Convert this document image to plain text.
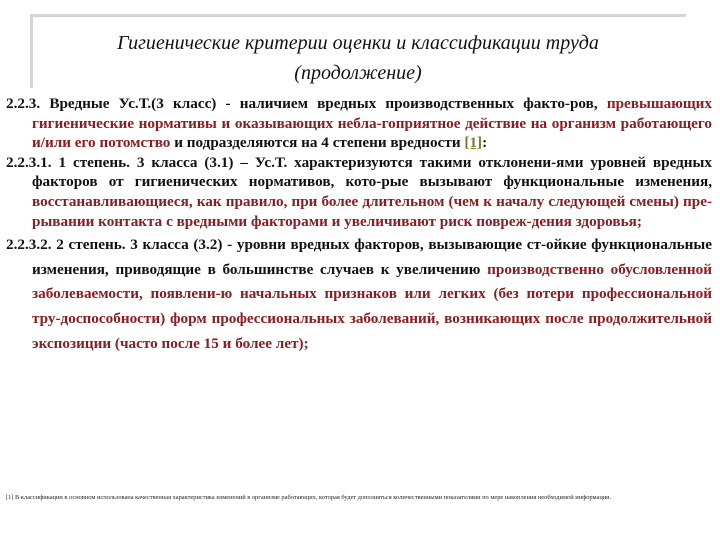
Гигиенические критерии оценки и классификации труда
(продолжение)
2.2.3. Вредные Ус.Т.(3 класс) - наличием вредных производственных факто-ров, превышающих гигиенические нормативы и оказывающих небла-гоприятное действие на организм работающего и/или его потомство и подразделяются на 4 степени вредности [1]:
2.2.3.1. 1 степень. 3 класса (3.1) – Ус.Т. характеризуются такими отклонени-ями уровней вредных факторов от гигиенических нормативов, кото-рые вызывают функциональные изменения, восстанавливающиеся, как правило, при более длительном (чем к началу следующей смены) пре-рывании контакта с вредными факторами и увеличивают риск повреж-дения здоровья;
2.2.3.2. 2 степень. 3 класса (3.2) - уровни вредных факторов, вызывающие ст-ойкие функциональные изменения, приводящие в большинстве случаев к увеличению производственно обусловленной заболеваемости, появлени-ю начальных признаков или легких (без потери профессиональной тру-доспособности) форм профессиональных заболеваний, возникающих после продолжительной экспозиции (часто после 15 и более лет);
[1] В классификации в основном использована качественная характеристика изменений в организме работающих, которая будет дополняться количественными показателями по мере накопления необходимой информации.
